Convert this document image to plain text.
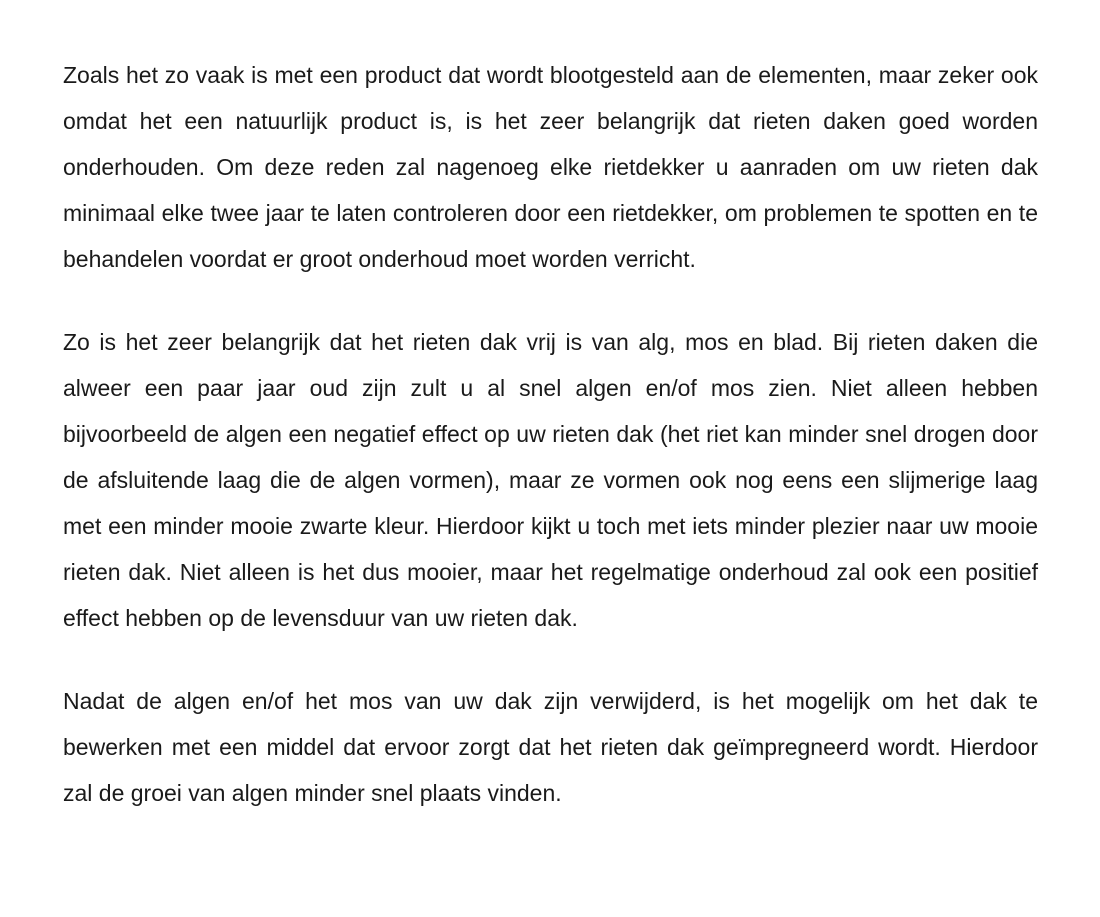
Zoals het zo vaak is met een product dat wordt blootgesteld aan de elementen, maar zeker ook omdat het een natuurlijk product is, is het zeer belangrijk dat rieten daken goed worden onderhouden. Om deze reden zal nagenoeg elke rietdekker u aanraden om uw rieten dak minimaal elke twee jaar te laten controleren door een rietdekker, om problemen te spotten en te behandelen voordat er groot onderhoud moet worden verricht.

Zo is het zeer belangrijk dat het rieten dak vrij is van alg, mos en blad. Bij rieten daken die alweer een paar jaar oud zijn zult u al snel algen en/of mos zien. Niet alleen hebben bijvoorbeeld de algen een negatief effect op uw rieten dak (het riet kan minder snel drogen door de afsluitende laag die de algen vormen), maar ze vormen ook nog eens een slijmerige laag met een minder mooie zwarte kleur. Hierdoor kijkt u toch met iets minder plezier naar uw mooie rieten dak. Niet alleen is het dus mooier, maar het regelmatige onderhoud zal ook een positief effect hebben op de levensduur van uw rieten dak.

Nadat de algen en/of het mos van uw dak zijn verwijderd, is het mogelijk om het dak te bewerken met een middel dat ervoor zorgt dat het rieten dak geïmpregneerd wordt. Hierdoor zal de groei van algen minder snel plaats vinden.
